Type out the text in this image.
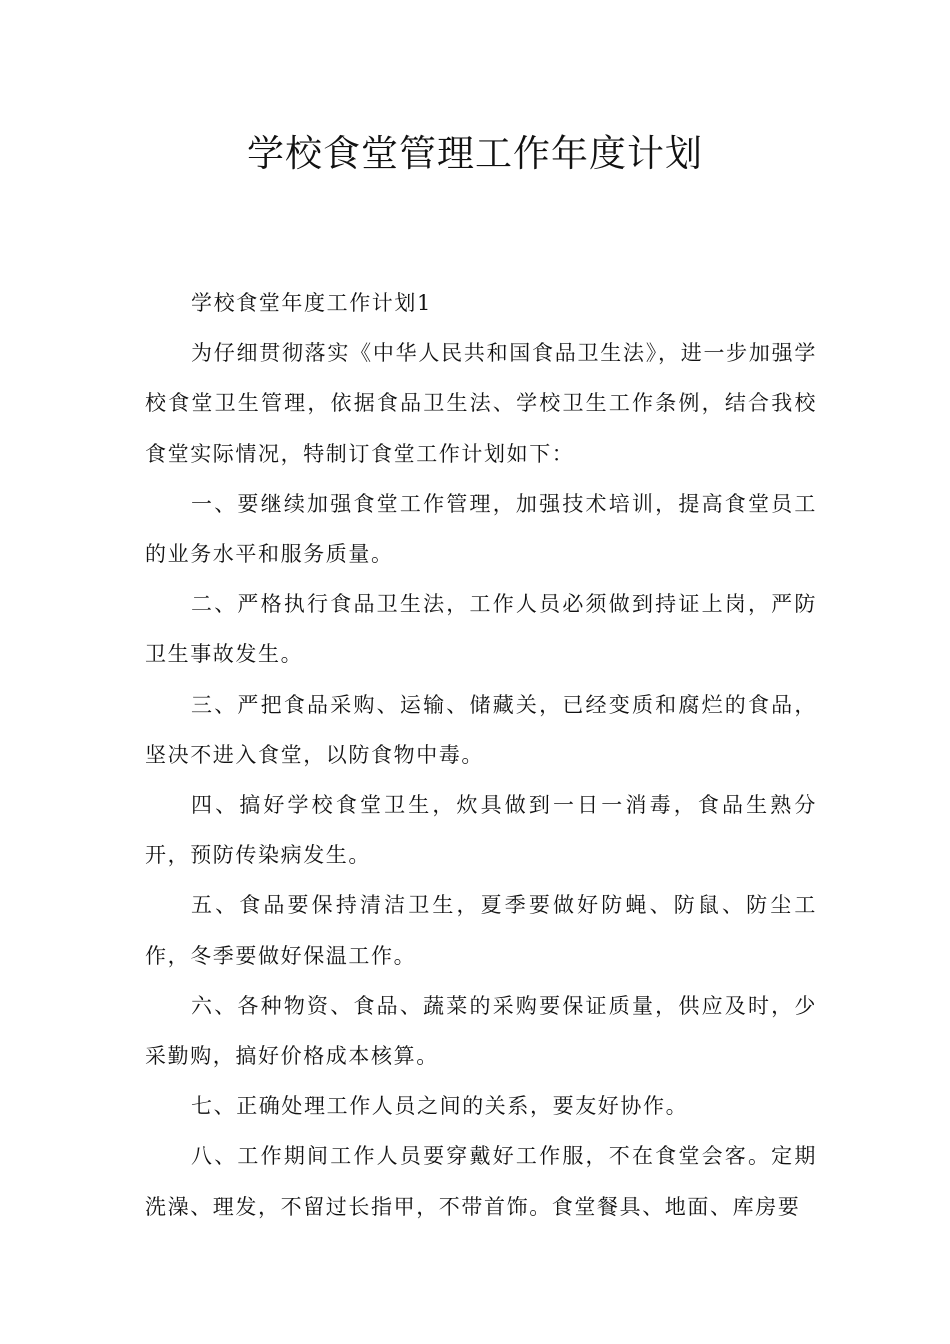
学校食堂管理工作年度计划

学校食堂年度工作计划1

为仔细贯彻落实《中华人民共和国食品卫生法》，进一步加强学校食堂卫生管理，依据食品卫生法、学校卫生工作条例，结合我校食堂实际情况，特制订食堂工作计划如下：

一、要继续加强食堂工作管理，加强技术培训，提高食堂员工的业务水平和服务质量。

二、严格执行食品卫生法，工作人员必须做到持证上岗，严防卫生事故发生。

三、严把食品采购、运输、储藏关，已经变质和腐烂的食品，坚决不进入食堂，以防食物中毒。

四、搞好学校食堂卫生，炊具做到一日一消毒，食品生熟分开，预防传染病发生。

五、食品要保持清洁卫生，夏季要做好防蝇、防鼠、防尘工作，冬季要做好保温工作。

六、各种物资、食品、蔬菜的采购要保证质量，供应及时，少采勤购，搞好价格成本核算。

七、正确处理工作人员之间的关系，要友好协作。

八、工作期间工作人员要穿戴好工作服，不在食堂会客。定期洗澡、理发，不留过长指甲，不带首饰。食堂餐具、地面、库房要
